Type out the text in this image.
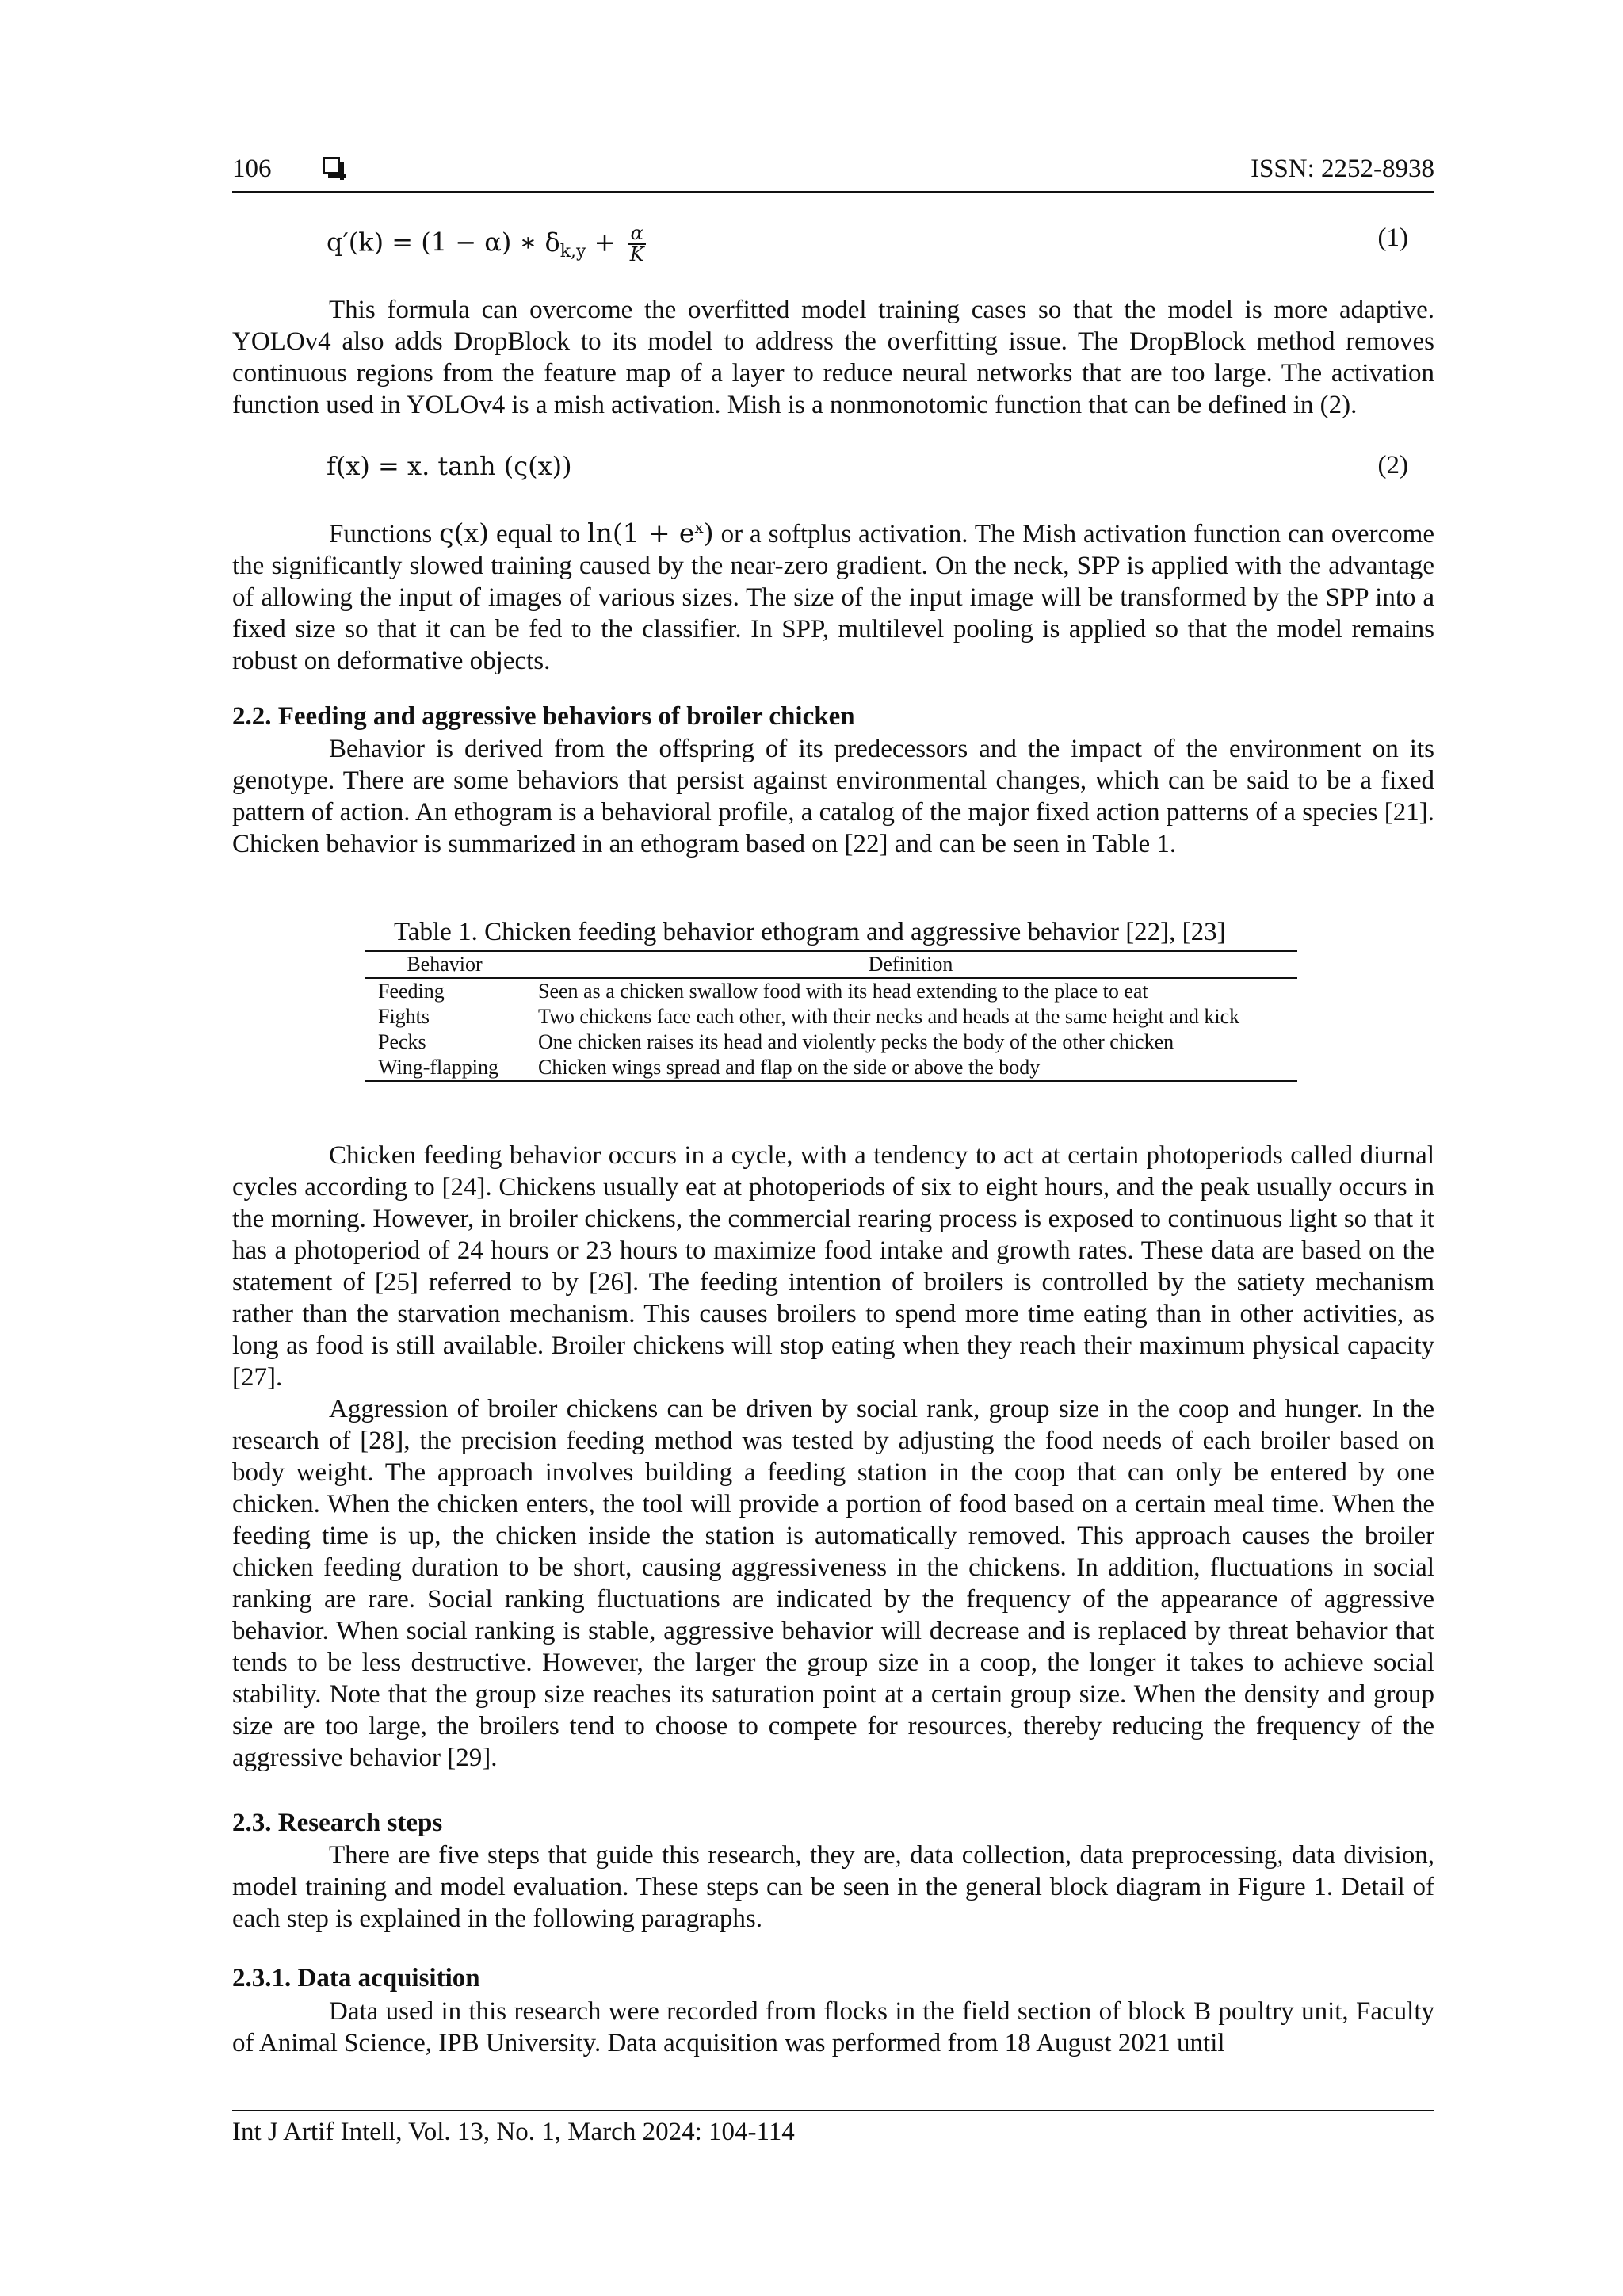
106	ISSN: 2252-8938
q′(k) = (1 − α) ∗ $\delta_{k,y} + \frac{\alpha}{K}$	(1)

This formula can overcome the overfitted model training cases so that the model is more adaptive. YOLOv4 also adds DropBlock to its model to address the overfitting issue. The DropBlock method removes continuous regions from the feature map of a layer to reduce neural networks that are too large. The activation function used in YOLOv4 is a mish activation. Mish is a nonmonotomic function that can be defined in (2).

f(x) = x. tanh (ς(x))	(2)

Functions ς(x) equal to $\ln(1 + e^x)$ or a softplus activation. The Mish activation function can overcome the significantly slowed training caused by the near-zero gradient. On the neck, SPP is applied with the advantage of allowing the input of images of various sizes. The size of the input image will be transformed by the SPP into a fixed size so that it can be fed to the classifier. In SPP, multilevel pooling is applied so that the model remains robust on deformative objects.

2.2. Feeding and aggressive behaviors of broiler chicken

Behavior is derived from the offspring of its predecessors and the impact of the environment on its genotype. There are some behaviors that persist against environmental changes, which can be said to be a fixed pattern of action. An ethogram is a behavioral profile, a catalog of the major fixed action patterns of a species [21]. Chicken behavior is summarized in an ethogram based on [22] and can be seen in Table 1.

Table 1. Chicken feeding behavior ethogram and aggressive behavior [22], [23]
Behavior	Definition
Feeding	Seen as a chicken swallow food with its head extending to the place to eat
Fights	Two chickens face each other, with their necks and heads at the same height and kick
Pecks	One chicken raises its head and violently pecks the body of the other chicken
Wing-flapping	Chicken wings spread and flap on the side or above the body

Chicken feeding behavior occurs in a cycle, with a tendency to act at certain photoperiods called diurnal cycles according to [24]. Chickens usually eat at photoperiods of six to eight hours, and the peak usually occurs in the morning. However, in broiler chickens, the commercial rearing process is exposed to continuous light so that it has a photoperiod of 24 hours or 23 hours to maximize food intake and growth rates. These data are based on the statement of [25] referred to by [26]. The feeding intention of broilers is controlled by the satiety mechanism rather than the starvation mechanism. This causes broilers to spend more time eating than in other activities, as long as food is still available. Broiler chickens will stop eating when they reach their maximum physical capacity [27].

Aggression of broiler chickens can be driven by social rank, group size in the coop and hunger. In the research of [28], the precision feeding method was tested by adjusting the food needs of each broiler based on body weight. The approach involves building a feeding station in the coop that can only be entered by one chicken. When the chicken enters, the tool will provide a portion of food based on a certain meal time. When the feeding time is up, the chicken inside the station is automatically removed. This approach causes the broiler chicken feeding duration to be short, causing aggressiveness in the chickens. In addition, fluctuations in social ranking are rare. Social ranking fluctuations are indicated by the frequency of the appearance of aggressive behavior. When social ranking is stable, aggressive behavior will decrease and is replaced by threat behavior that tends to be less destructive. However, the larger the group size in a coop, the longer it takes to achieve social stability. Note that the group size reaches its saturation point at a certain group size. When the density and group size are too large, the broilers tend to choose to compete for resources, thereby reducing the frequency of the aggressive behavior [29].

2.3. Research steps

There are five steps that guide this research, they are, data collection, data preprocessing, data division, model training and model evaluation. These steps can be seen in the general block diagram in Figure 1. Detail of each step is explained in the following paragraphs.

2.3.1. Data acquisition

Data used in this research were recorded from flocks in the field section of block B poultry unit, Faculty of Animal Science, IPB University. Data acquisition was performed from 18 August 2021 until

Int J Artif Intell, Vol. 13, No. 1, March 2024: 104-114
